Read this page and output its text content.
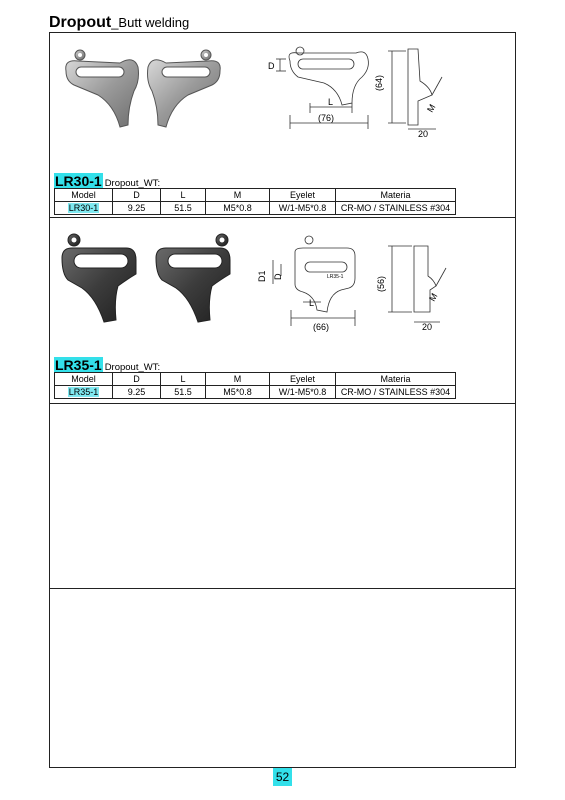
Dropout_Butt welding
D
L
(76)
(64)
M
20
LR30-1 Dropout_WT:
Model	D	L	M	Eyelet	Materia
LR30-1	9.25	51.5	M5*0.8	W/1-M5*0.8	CR-MO / STAINLESS #304
LR35-1
D1 D
L
(66)
(56)
M
20
LR35-1 Dropout_WT:
Model	D	L	M	Eyelet	Materia
LR35-1	9.25	51.5	M5*0.8	W/1-M5*0.8	CR-MO / STAINLESS #304
52
